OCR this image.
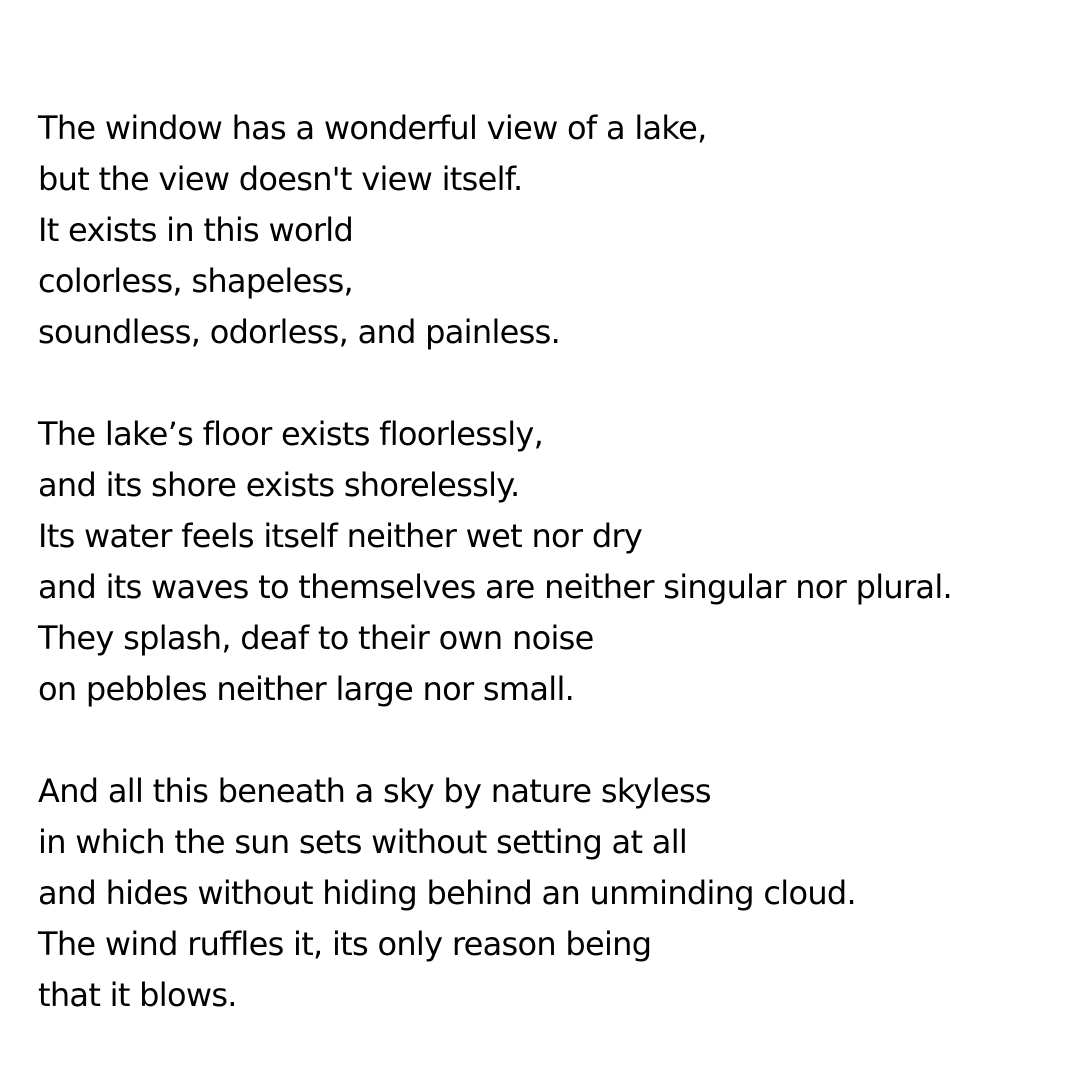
The window has a wonderful view of a lake,
but the view doesn't view itself.
It exists in this world
colorless, shapeless,
soundless, odorless, and painless.
The lake’s floor exists floorlessly,
and its shore exists shorelessly.
Its water feels itself neither wet nor dry
and its waves to themselves are neither singular nor plural.
They splash, deaf to their own noise
on pebbles neither large nor small.
And all this beneath a sky by nature skyless
in which the sun sets without setting at all
and hides without hiding behind an unminding cloud.
The wind ruffles it, its only reason being
that it blows.
